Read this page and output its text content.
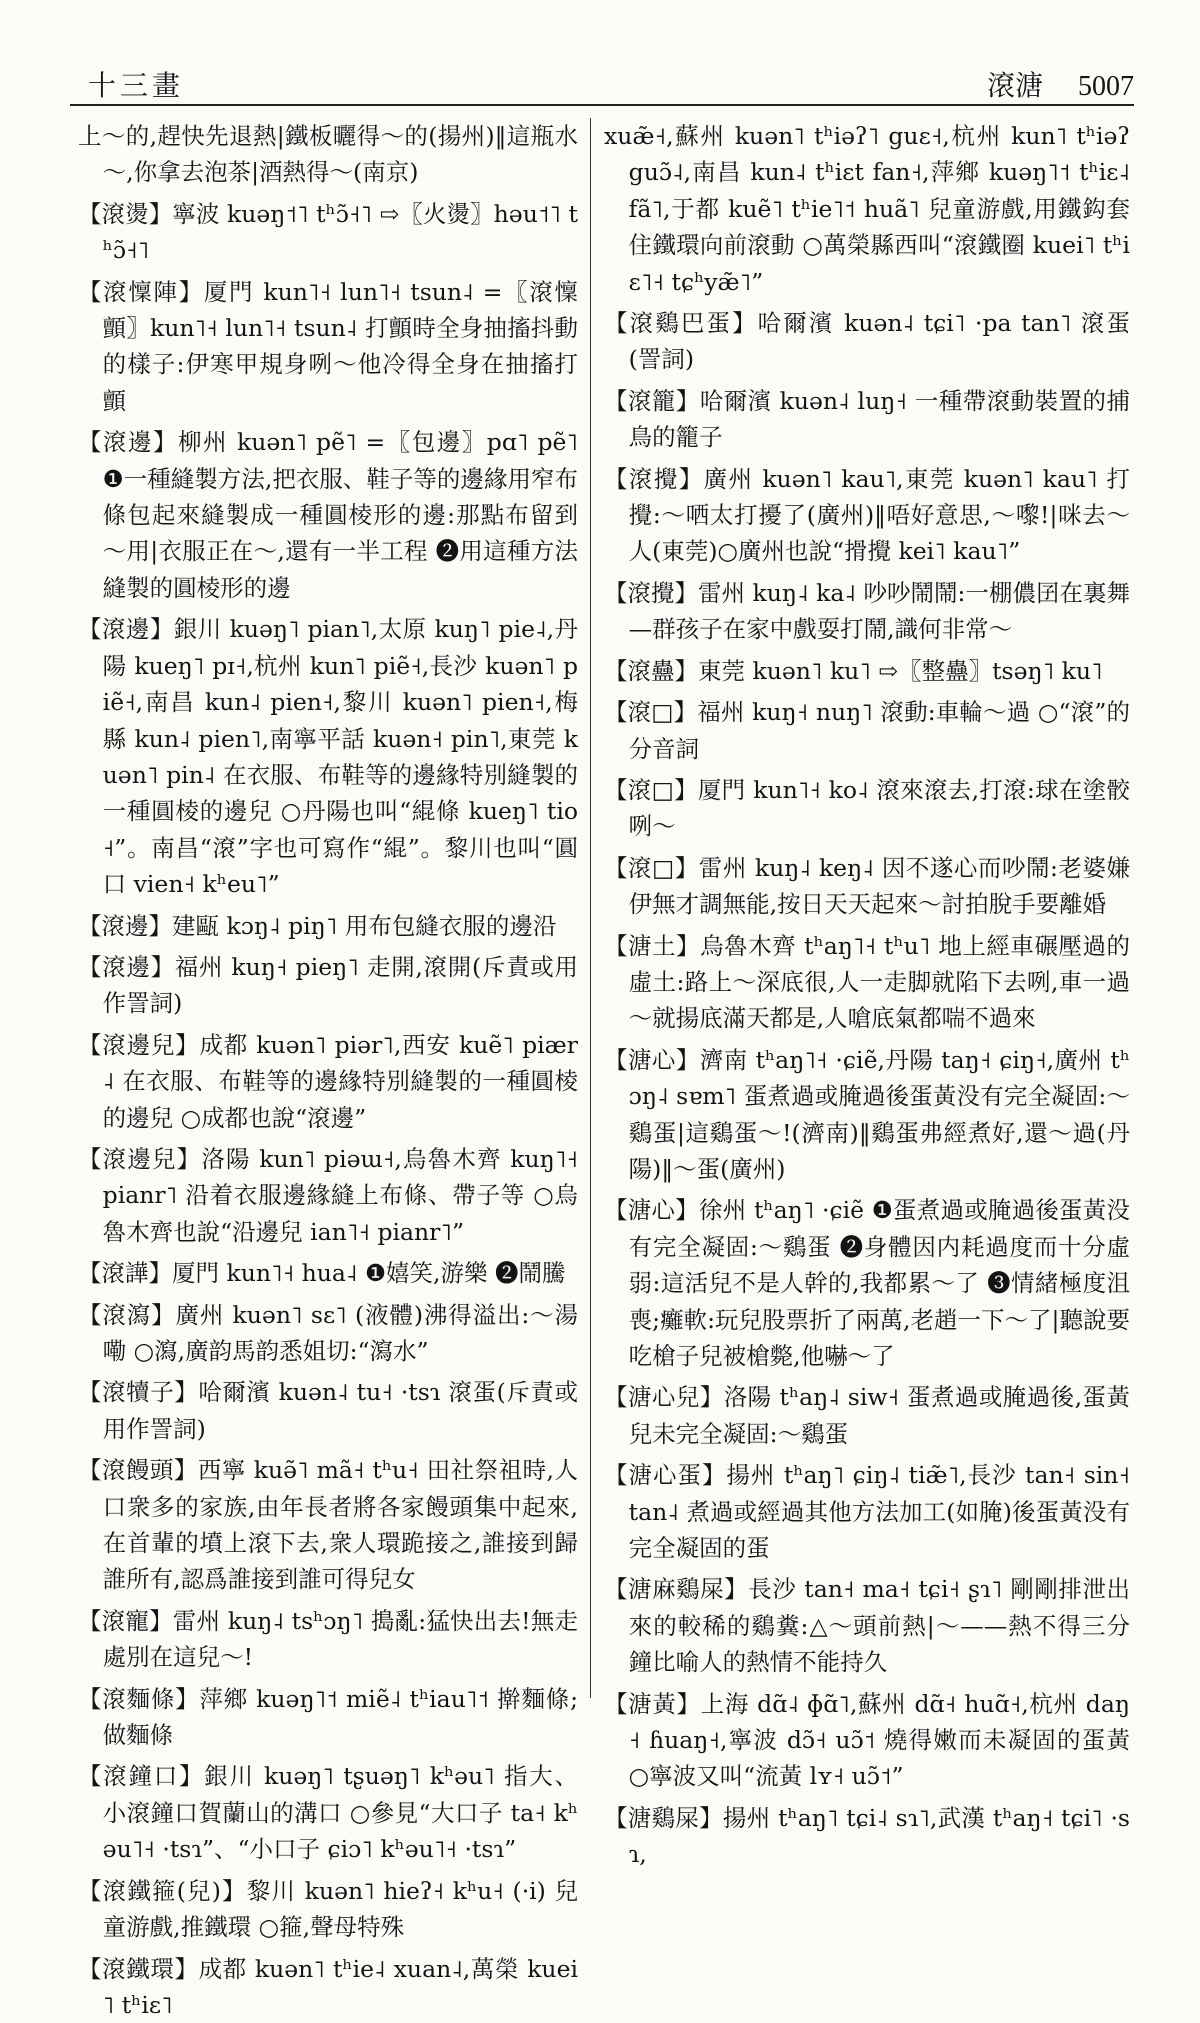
十三畫	滾溏 5007

上～的,趕快先退熱|鐵板曬得～的(揚州)‖這瓶水～,你拿去泡茶|酒熱得～(南京)

【滾燙】寧波 kuəŋ˦˥ tʰɔ̃˧˥ ⇨〖火燙〗həu˦˥ tʰɔ̃˧˥

【滾懍陣】厦門 kun˥˧ lun˥˧ tsun˨ =〖滾懍顫〗kun˥˧ lun˥˧ tsun˨ 打顫時全身抽搐抖動的樣子:伊寒甲規身咧～他冷得全身在抽搐打顫

【滾邊】柳州 kuən˥ pẽ˥ =〖包邊〗pɑ˥ pẽ˥ ❶一種縫製方法,把衣服、鞋子等的邊緣用窄布條包起來縫製成一種圓棱形的邊:那點布留到～用|衣服正在～,還有一半工程 ❷用這種方法縫製的圓棱形的邊

【滾邊】銀川 kuəŋ˥ pian˥,太原 kuŋ˥ pie˨,丹陽 kueŋ˥ pɪ˧,杭州 kun˥ piẽ˧,長沙 kuən˥ piẽ˧,南昌 kun˨ pien˧,黎川 kuən˥ pien˧,梅縣 kun˨ pien˥,南寧平話 kuən˧ pin˥,東莞 kuən˥ pin˨ 在衣服、布鞋等的邊緣特別縫製的一種圓棱的邊兒 ○丹陽也叫“緄條 kueŋ˥ tio˧”。南昌“滾”字也可寫作“緄”。黎川也叫“圓口 vien˧ kʰeu˥”

【滾邊】建甌 kɔŋ˨ piŋ˥ 用布包縫衣服的邊沿

【滾邊】福州 kuŋ˧ pieŋ˥ 走開,滾開(斥責或用作詈詞)

【滾邊兒】成都 kuən˥ piər˥,西安 kuẽ˥ piær˨ 在衣服、布鞋等的邊緣特別縫製的一種圓棱的邊兒 ○成都也說“滾邊”

【滾邊兒】洛陽 kun˥ piəɯ˧,烏魯木齊 kuŋ˥˧ pianr˥ 沿着衣服邊緣縫上布條、帶子等 ○烏魯木齊也說“沿邊兒 ian˥˧ pianr˥”

【滾譁】厦門 kun˥˧ hua˨ ❶嬉笑,游樂 ❷鬧騰

【滾瀉】廣州 kuən˥ sɛ˥ (液體)沸得溢出:～湯嘞 ○瀉,廣韵馬韵悉姐切:“瀉水”

【滾犢子】哈爾濱 kuən˨ tu˧ ·tsɿ 滾蛋(斥責或用作詈詞)

【滾饅頭】西寧 kuə̃˥ mã˧ tʰu˧ 田社祭祖時,人口衆多的家族,由年長者將各家饅頭集中起來,在首輩的墳上滾下去,衆人環跪接之,誰接到歸誰所有,認爲誰接到誰可得兒女

【滾寵】雷州 kuŋ˨ tsʰɔŋ˥ 搗亂:猛快出去!無走處別在這兒～!

【滾麵條】萍鄉 kuəŋ˥˦ miẽ˨ tʰiau˥˦ 擀麵條;做麵條

【滾鐘口】銀川 kuəŋ˥ tʂuəŋ˥ kʰəu˥ 指大、小滾鐘口賀蘭山的溝口 ○參見“大口子 ta˧ kʰəu˥˧ ·tsɿ”、“小口子 ɕiɔ˥ kʰəu˥˧ ·tsɿ”

【滾鐵箍(兒)】黎川 kuən˥ hieʔ˧ kʰu˧ (·i) 兒童游戲,推鐵環 ○箍,聲母特殊

【滾鐵環】成都 kuən˥ tʰie˨ xuan˨,萬榮 kuei˥ tʰiɛ˥

xuæ̃˧,蘇州 kuən˥ tʰiəʔ˥ guɛ˧,杭州 kun˥ tʰiəʔ guɔ̃˨,南昌 kun˨ tʰiɛt fan˧,萍鄉 kuəŋ˥˦ tʰiɛ˨ fã˥,于都 kuẽ˥ tʰie˥˦ huã˥ 兒童游戲,用鐵鈎套住鐵環向前滾動 ○萬榮縣西叫“滾鐵圈 kuei˥ tʰiɛ˥˧ tɕʰyæ̃˥”

【滾鷄巴蛋】哈爾濱 kuən˨ tɕi˥ ·pa tan˥ 滾蛋(詈詞)

【滾籠】哈爾濱 kuən˨ luŋ˧ 一種帶滾動裝置的捕鳥的籠子

【滾攪】廣州 kuən˥ kau˥,東莞 kuən˥ kau˥ 打攪:～哂太打擾了(廣州)‖唔好意思,～嚟!|咪去～人(東莞)○廣州也說“搰攪 kei˥ kau˥”

【滾攪】雷州 kuŋ˨ ka˨ 吵吵鬧鬧:一棚儂囝在裏舞—群孩子在家中戲耍打鬧,識何非常～

【滾蠱】東莞 kuən˥ ku˥ ⇨〖整蠱〗tsəŋ˥ ku˥

【滾□】福州 kuŋ˧ nuŋ˥ 滾動:車輪～過 ○“滾”的分音詞

【滾□】厦門 kun˥˧ ko˨ 滾來滾去,打滾:球在塗骹咧～

【滾□】雷州 kuŋ˨ keŋ˨ 因不遂心而吵鬧:老婆嫌伊無才調無能,按日天天起來～討拍脫手要離婚

【溏土】烏魯木齊 tʰaŋ˥˧ tʰu˥ 地上經車碾壓過的虛土:路上～深底很,人一走脚就陷下去咧,車一過～就揚底滿天都是,人嗆底氣都喘不過來

【溏心】濟南 tʰaŋ˥˧ ·ɕiẽ,丹陽 taŋ˧ ɕiŋ˧,廣州 tʰɔŋ˨ sɐm˥ 蛋煮過或腌過後蛋黃没有完全凝固:～鷄蛋|這鷄蛋～!(濟南)‖鷄蛋弗經煮好,還～過(丹陽)‖～蛋(廣州)

【溏心】徐州 tʰaŋ˥ ·ɕiẽ ❶蛋煮過或腌過後蛋黃没有完全凝固:～鷄蛋 ❷身體因内耗過度而十分虛弱:這活兒不是人幹的,我都累～了 ❸情緒極度沮喪;癱軟:玩兒股票折了兩萬,老趙一下～了|聽說要吃槍子兒被槍斃,他嚇～了

【溏心兒】洛陽 tʰaŋ˨ siw˧ 蛋煮過或腌過後,蛋黃兒未完全凝固:～鷄蛋

【溏心蛋】揚州 tʰaŋ˥ ɕiŋ˨ tiæ̃˥,長沙 tan˧ sin˧ tan˨ 煮過或經過其他方法加工(如腌)後蛋黃没有完全凝固的蛋

【溏麻鷄屎】長沙 tan˧ ma˧ tɕi˧ ʂɿ˥ 剛剛排泄出來的較稀的鷄糞:△～頭前熱|～——熱不得三分鐘比喻人的熱情不能持久

【溏黃】上海 dɑ̃˨ ɸɑ̃˥,蘇州 dɑ̃˧ huɑ̃˧,杭州 daŋ˧ ɦuaŋ˧,寧波 dɔ̃˧ uɔ̃˦ 燒得嫩而未凝固的蛋黃 ○寧波又叫“流黃 lʏ˧ uɔ̃˦”

【溏鷄屎】揚州 tʰaŋ˥ tɕi˨ sɿ˥,武漢 tʰaŋ˧ tɕi˥ ·sɿ,
